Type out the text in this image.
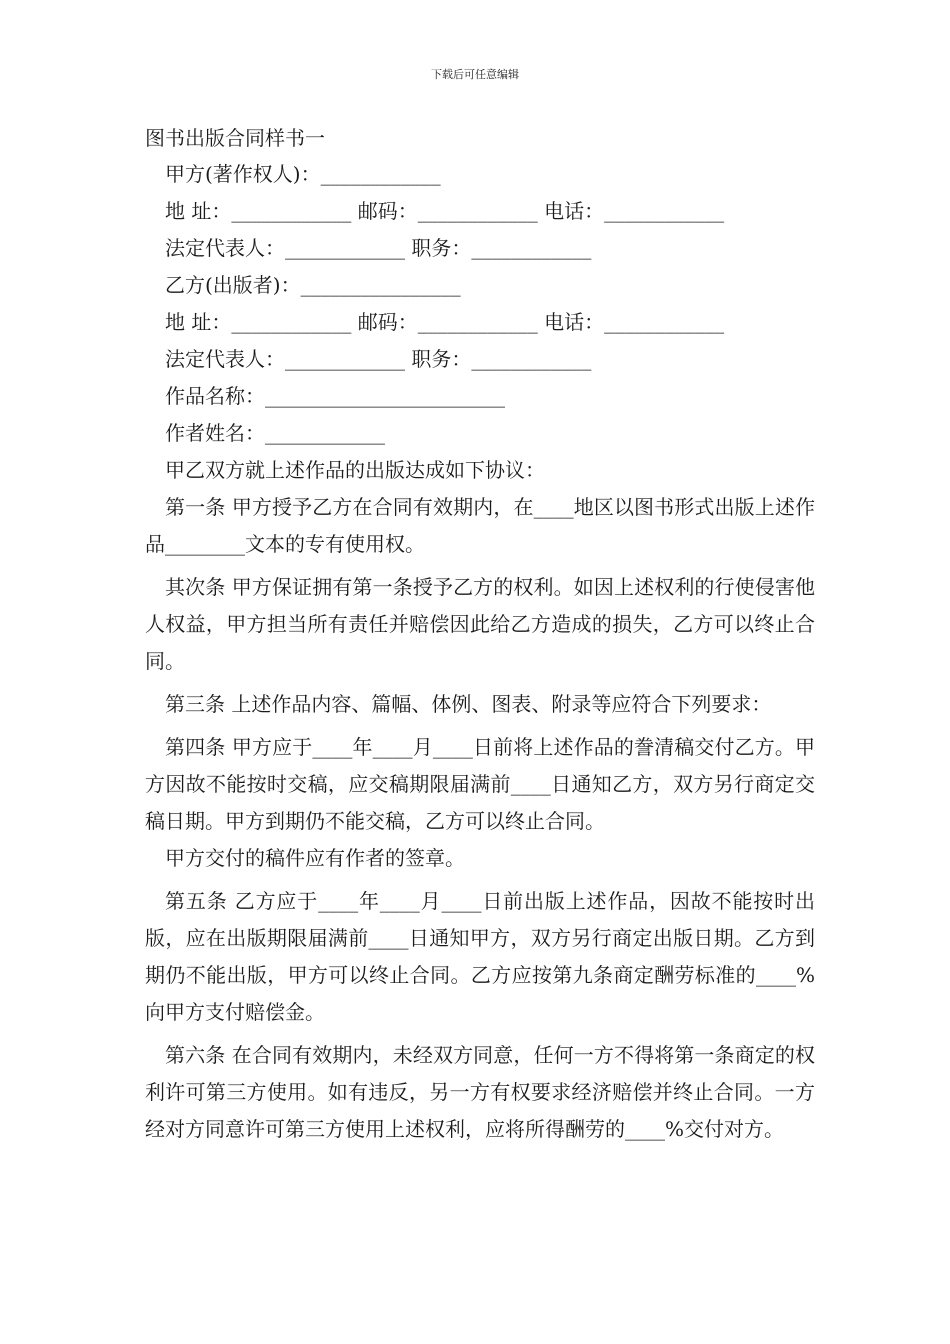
下载后可任意编辑
图书出版合同样书一
甲方(著作权人)：____________
地 址：____________ 邮码：____________ 电话：____________
法定代表人：____________ 职务：____________
乙方(出版者)：________________
地 址：____________ 邮码：____________ 电话：____________
法定代表人：____________ 职务：____________
作品名称：________________________
作者姓名：____________
甲乙双方就上述作品的出版达成如下协议：

第一条 甲方授予乙方在合同有效期内，在____地区以图书形式出版上述作品________文本的专有使用权。

其次条 甲方保证拥有第一条授予乙方的权利。如因上述权利的行使侵害他人权益，甲方担当所有责任并赔偿因此给乙方造成的损失，乙方可以终止合同。

第三条 上述作品内容、篇幅、体例、图表、附录等应符合下列要求：

第四条 甲方应于____年____月____日前将上述作品的誊清稿交付乙方。甲方因故不能按时交稿，应交稿期限届满前____日通知乙方，双方另行商定交稿日期。甲方到期仍不能交稿，乙方可以终止合同。

甲方交付的稿件应有作者的签章。

第五条 乙方应于____年____月____日前出版上述作品，因故不能按时出版，应在出版期限届满前____日通知甲方，双方另行商定出版日期。乙方到期仍不能出版，甲方可以终止合同。乙方应按第九条商定酬劳标准的____%向甲方支付赔偿金。

第六条 在合同有效期内，未经双方同意，任何一方不得将第一条商定的权利许可第三方使用。如有违反，另一方有权要求经济赔偿并终止合同。一方经对方同意许可第三方使用上述权利，应将所得酬劳的____%交付对方。
